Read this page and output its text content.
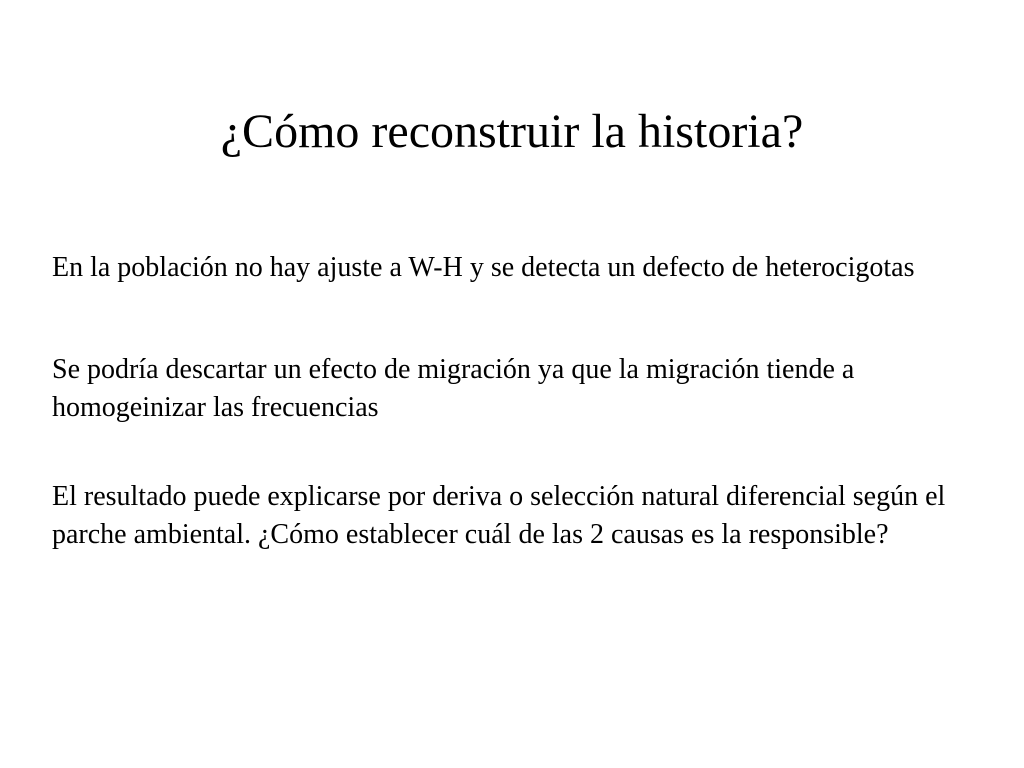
¿Cómo reconstruir la historia?

En la población no hay ajuste a W-H y se detecta un defecto de heterocigotas

Se podría descartar un efecto de migración ya que la migración tiende a homogeinizar las frecuencias

El resultado puede explicarse por deriva o selección natural diferencial según el parche ambiental. ¿Cómo establecer cuál de las 2 causas es la responsible?
